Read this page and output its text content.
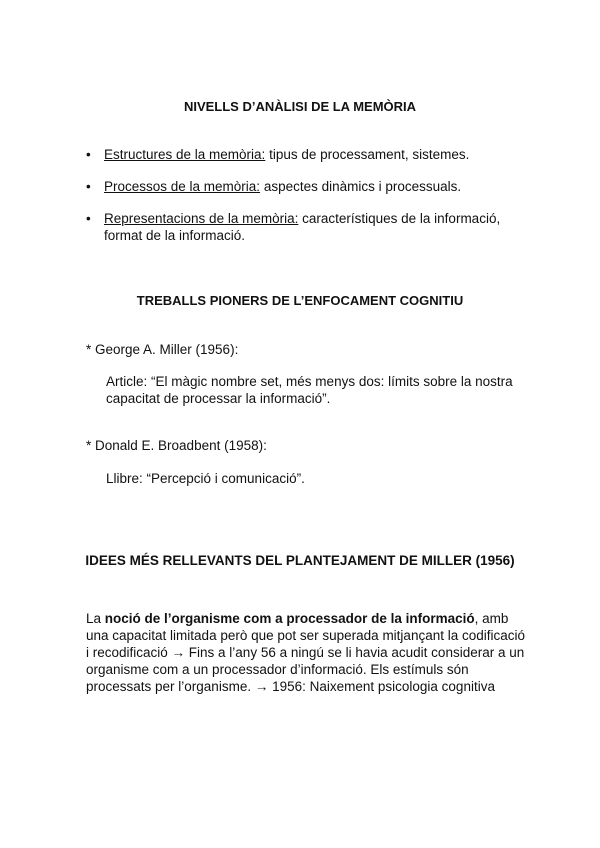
NIVELLS D’ANÀLISI DE LA MEMÒRIA
• Estructures de la memòria: tipus de processament, sistemes.
• Processos de la memòria: aspectes dinàmics i processuals.
• Representacions de la memòria: característiques de la informació, format de la informació.
TREBALLS PIONERS DE L’ENFOCAMENT COGNITIU
* George A. Miller (1956):
Article: “El màgic nombre set, més menys dos: límits sobre la nostra capacitat de processar la informació”.
* Donald E. Broadbent (1958):
Llibre: “Percepció i comunicació”.
IDEES MÉS RELLEVANTS DEL PLANTEJAMENT DE MILLER (1956)
La noció de l’organisme com a processador de la informació, amb una capacitat limitada però que pot ser superada mitjançant la codificació i recodificació → Fins a l’any 56 a ningú se li havia acudit considerar a un organisme com a un processador d’informació. Els estímuls són processats per l’organisme. → 1956: Naixement psicologia cognitiva
